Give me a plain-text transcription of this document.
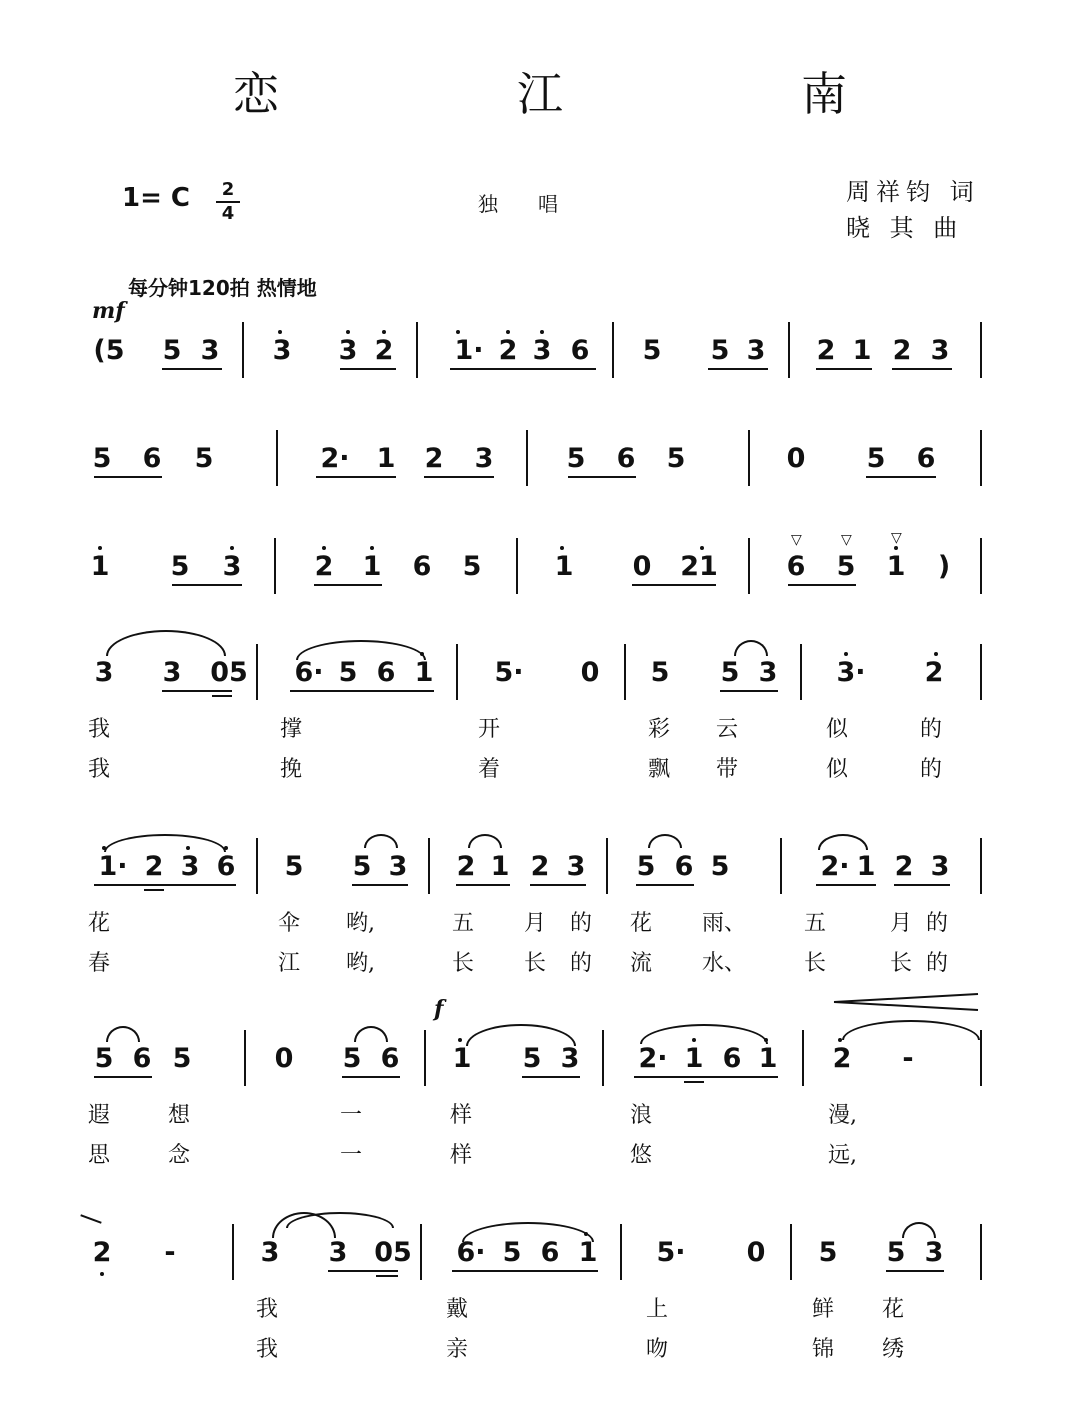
恋　江　南
1= C	2
4	独唱	周祥钧 词
晓 其 曲
每分钟120拍 热情地
mf
f
(5 5 3 3 3 2 1· 2 3 6 5 5 3 2 1 2 3
5 6 5	2· 1 2 3	5 6 5	0 5 6
1 5 3	2 1 6 5	1 0 21	6 5 1 )
▽	▽	▽
3 3 05 6· 5 6 1 5· 0 5 5 3 3· 2
我	撑	开	彩 云	似	的
我	挽	着	飘 带	似	的
1· 2 3 6 5 5 3 2 1 2 3 5 6 5	2· 1 2 3
花	伞 哟,	五 月 的 花 雨、	五	月 的
春	江 哟,	长 长 的 流 水、	长	长 的
5 6 5	0 5 6 1 5 3 2· 1 6 1 2 -
遐	想	一	样	浪	漫,
思	念	一	样	悠	远,
2 -	3 3 05 6· 5 6 1 5· 0 5 5 3
我	戴	上	鲜 花
我	亲	吻	锦 绣
